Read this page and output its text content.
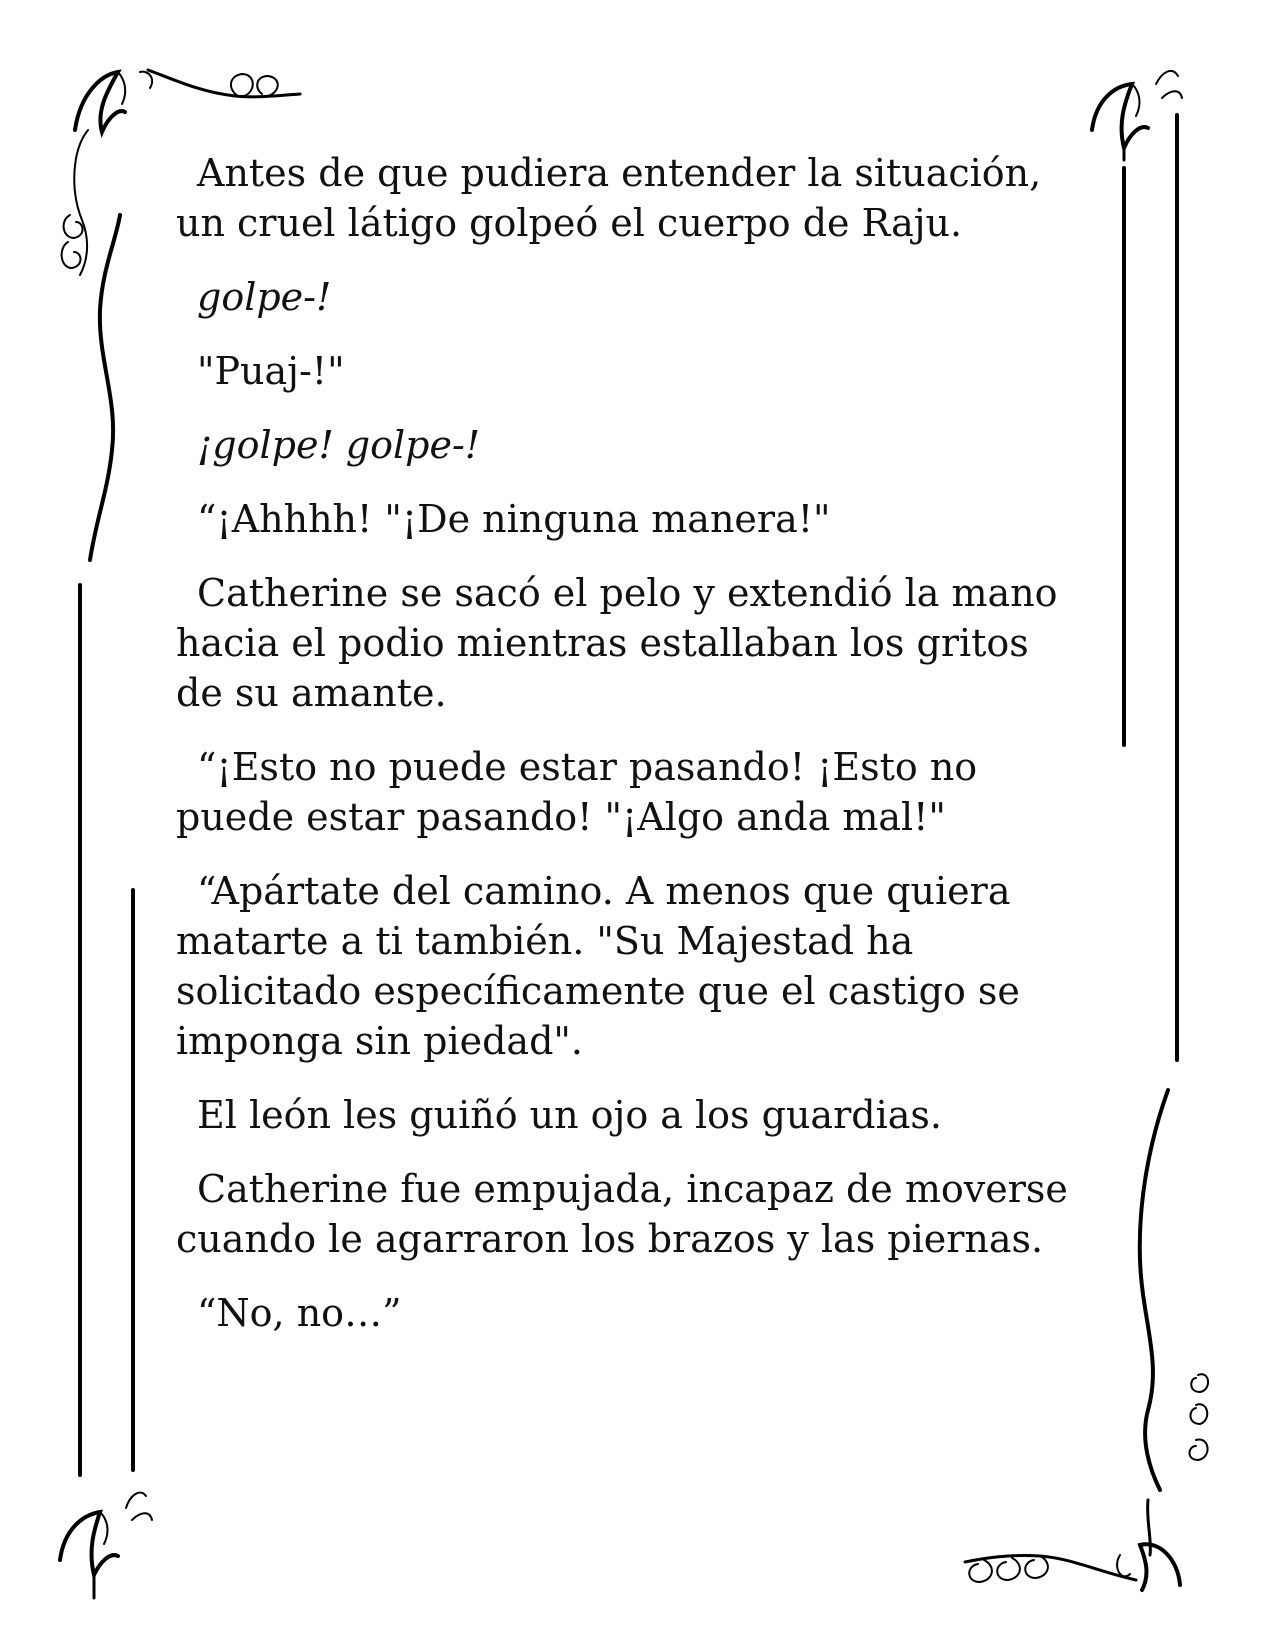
Antes de que pudiera entender la situación,
un cruel látigo golpeó el cuerpo de Raju.
golpe-!
"Puaj-!"
¡golpe! golpe-!
“¡Ahhhh! "¡De ninguna manera!"
Catherine se sacó el pelo y extendió la mano
hacia el podio mientras estallaban los gritos
de su amante.
“¡Esto no puede estar pasando! ¡Esto no
puede estar pasando! "¡Algo anda mal!"
“Apártate del camino. A menos que quiera
matarte a ti también. "Su Majestad ha
solicitado específicamente que el castigo se
imponga sin piedad".
El león les guiñó un ojo a los guardias.
Catherine fue empujada, incapaz de moverse
cuando le agarraron los brazos y las piernas.
“No, no…”
